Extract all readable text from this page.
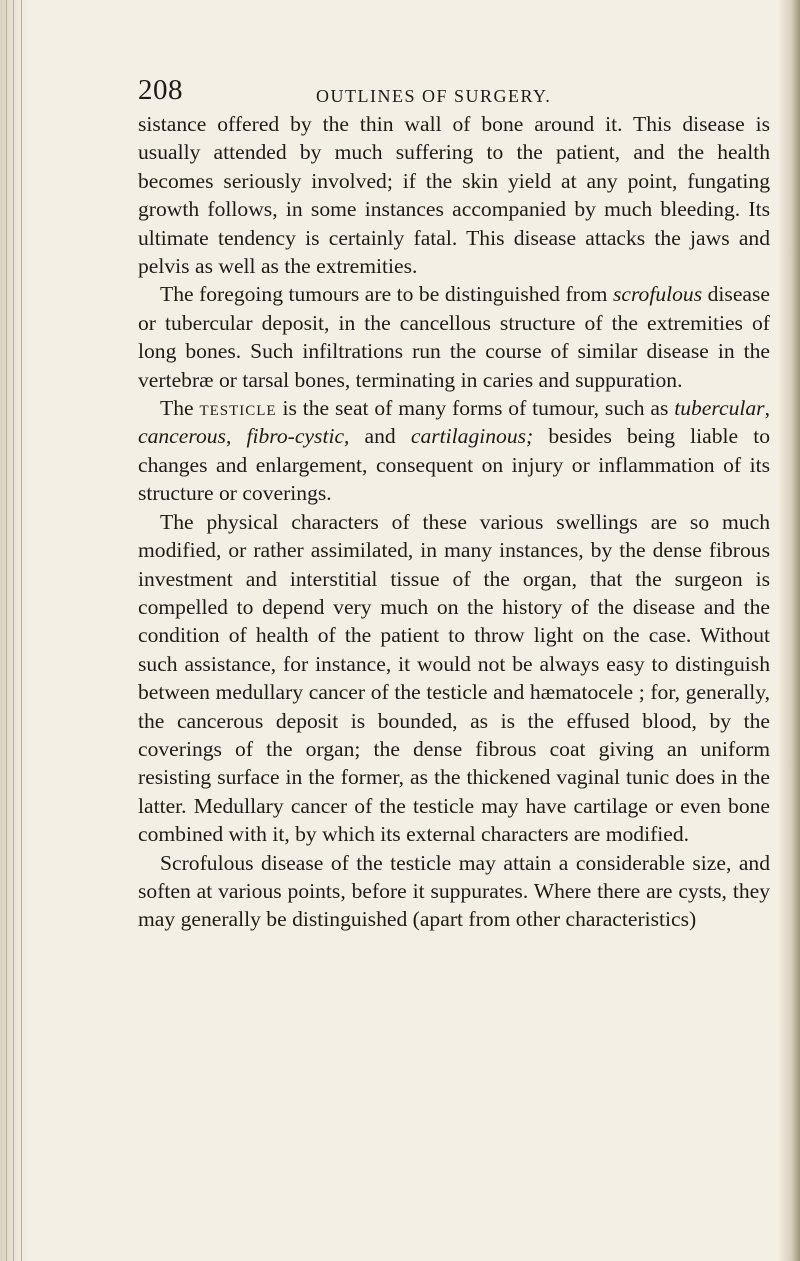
208	OUTLINES OF SURGERY.

sistance offered by the thin wall of bone around it. This disease is usually attended by much suffering to the patient, and the health becomes seriously involved; if the skin yield at any point, fungating growth follows, in some instances accompanied by much bleeding. Its ultimate tendency is certainly fatal. This disease attacks the jaws and pelvis as well as the extremities.

The foregoing tumours are to be distinguished from scrofulous disease or tubercular deposit, in the cancellous structure of the extremities of long bones. Such infiltrations run the course of similar disease in the vertebræ or tarsal bones, terminating in caries and suppuration.

The testicle is the seat of many forms of tumour, such as tubercular, cancerous, fibro-cystic, and cartilaginous; besides being liable to changes and enlargement, consequent on injury or inflammation of its structure or coverings.

The physical characters of these various swellings are so much modified, or rather assimilated, in many instances, by the dense fibrous investment and interstitial tissue of the organ, that the surgeon is compelled to depend very much on the history of the disease and the condition of health of the patient to throw light on the case. Without such assistance, for instance, it would not be always easy to distinguish between medullary cancer of the testicle and hæmatocele ; for, generally, the cancerous deposit is bounded, as is the effused blood, by the coverings of the organ; the dense fibrous coat giving an uniform resisting surface in the former, as the thickened vaginal tunic does in the latter. Medullary cancer of the testicle may have cartilage or even bone combined with it, by which its external characters are modified.

Scrofulous disease of the testicle may attain a considerable size, and soften at various points, before it suppurates. Where there are cysts, they may generally be distinguished (apart from other characteristics)
